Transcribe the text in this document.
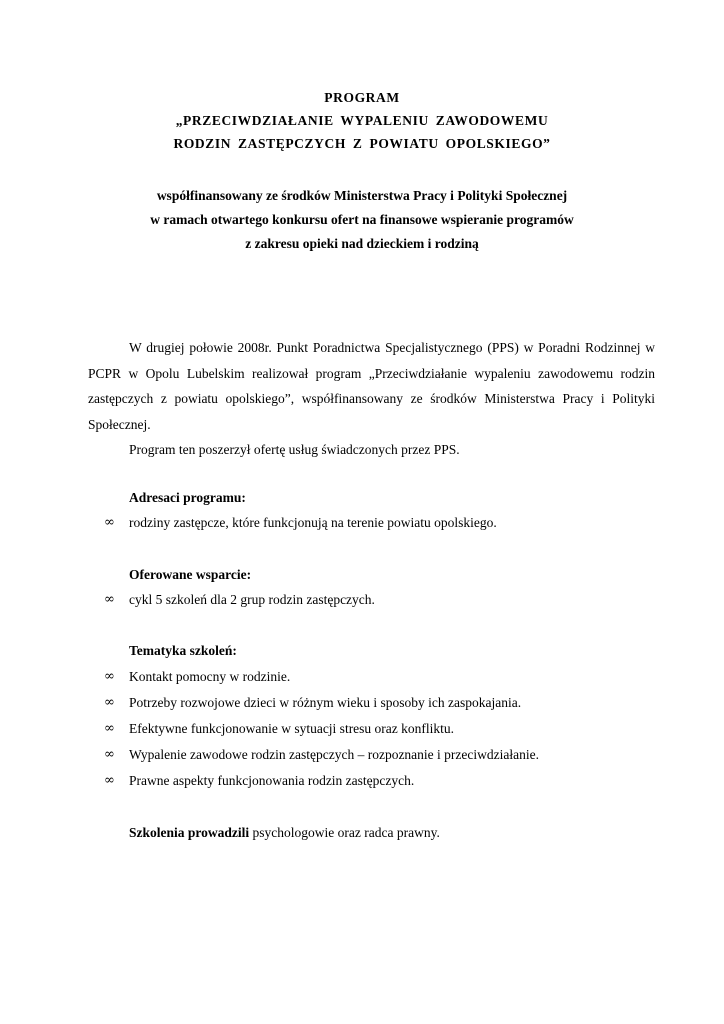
PROGRAM
„PRZECIWDZIAŁANIE WYPALENIU ZAWODOWEMU
RODZIN ZASTĘPCZYCH Z POWIATU OPOLSKIEGO”
współfinansowany ze środków Ministerstwa Pracy i Polityki Społecznej
w ramach otwartego konkursu ofert na finansowe wspieranie programów
z zakresu opieki nad dzieckiem i rodziną
W drugiej połowie 2008r. Punkt Poradnictwa Specjalistycznego (PPS) w Poradni Rodzinnej w PCPR w Opolu Lubelskim realizował program „Przeciwdziałanie wypaleniu zawodowemu rodzin zastępczych z powiatu opolskiego”, współfinansowany ze środków Ministerstwa Pracy i Polityki Społecznej.
Program ten poszerzył ofertę usług świadczonych przez PPS.
Adresaci programu:
∞ rodziny zastępcze, które funkcjonują na terenie powiatu opolskiego.
Oferowane wsparcie:
∞ cykl 5 szkoleń dla 2 grup rodzin zastępczych.
Tematyka szkoleń:
∞ Kontakt pomocny w rodzinie.
∞ Potrzeby rozwojowe dzieci w różnym wieku i sposoby ich zaspokajania.
∞ Efektywne funkcjonowanie w sytuacji stresu oraz konfliktu.
∞ Wypalenie zawodowe rodzin zastępczych – rozpoznanie i przeciwdziałanie.
∞ Prawne aspekty funkcjonowania rodzin zastępczych.
Szkolenia prowadzili psychologowie oraz radca prawny.
